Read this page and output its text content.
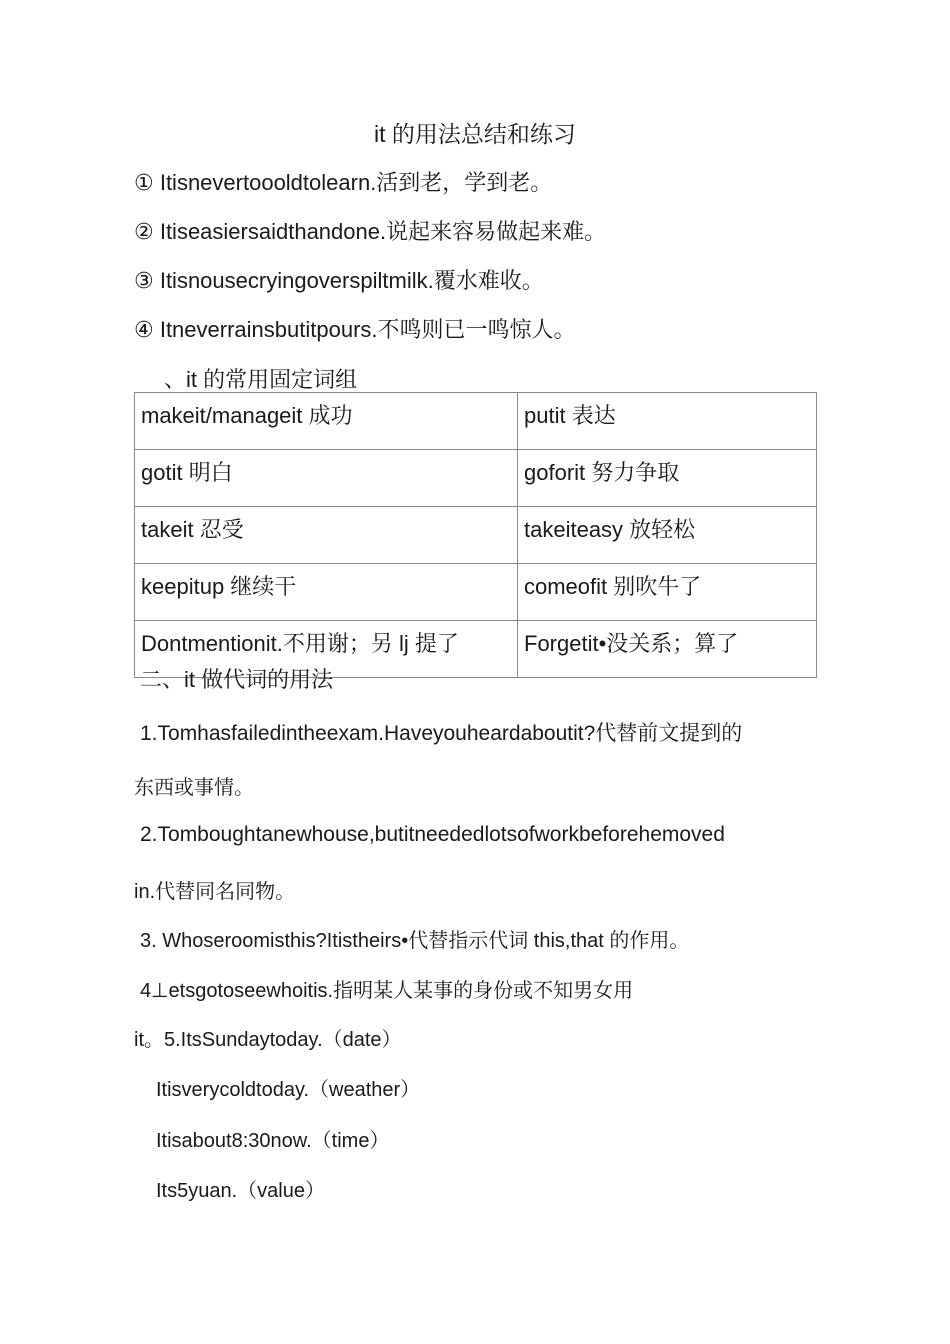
it 的用法总结和练习
① Itisnevertoooldtolearn.活到老，学到老。
② Itiseasiersaidthandone.说起来容易做起来难。
③ Itisnousecryingoverspiltmilk.覆水难收。
④ Itneverrainsbutitpours.不鸣则已一鸣惊人。
、it 的常用固定词组
makeit/manageit 成功	putit 表达
gotit 明白	goforit 努力争取
takeit 忍受	takeiteasy 放轻松
keepitup 继续干	comeofit 别吹牛了
Dontmentionit.不用谢；另 lj 提了	Forgetit•没关系；算了
二、it 做代词的用法
1.Tomhasfailedintheexam.Haveyouheardaboutit?代替前文提到的
东西或事情。
2.Tomboughtanewhouse,butitneededlotsofworkbeforehemoved
in.代替同名同物。
3. Whoseroomisthis?Itistheirs•代替指示代词 this,that 的作用。
4⊥etsgotoseewhoitis.指明某人某事的身份或不知男女用
it。5.ItsSundaytoday.（date）
Itisverycoldtoday.（weather）
Itisabout8:30now.（time）
Its5yuan.（value）
